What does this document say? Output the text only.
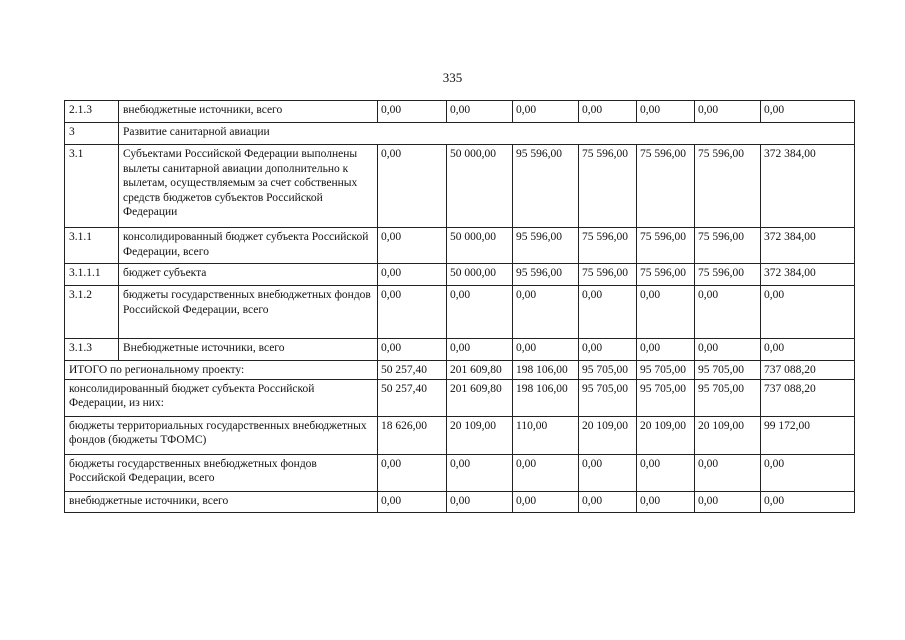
335
2.1.3	внебюджетные источники, всего	0,00	0,00	0,00	0,00	0,00	0,00	0,00
3	Развитие санитарной авиации							
3.1	Субъектами Российской Федерации выполнены вылеты санитарной авиации дополнительно к вылетам, осуществляемым за счет собственных средств бюджетов субъектов Российской Федерации	0,00	50 000,00	95 596,00	75 596,00	75 596,00	75 596,00	372 384,00
3.1.1	консолидированный бюджет субъекта Российской Федерации, всего	0,00	50 000,00	95 596,00	75 596,00	75 596,00	75 596,00	372 384,00
3.1.1.1	бюджет субъекта	0,00	50 000,00	95 596,00	75 596,00	75 596,00	75 596,00	372 384,00
3.1.2	бюджеты государственных внебюджетных фондов Российской Федерации, всего	0,00	0,00	0,00	0,00	0,00	0,00	0,00
3.1.3	Внебюджетные источники, всего	0,00	0,00	0,00	0,00	0,00	0,00	0,00
ИТОГО по региональному проекту:		50 257,40	201 609,80	198 106,00	95 705,00	95 705,00	95 705,00	737 088,20
консолидированный бюджет субъекта Российской Федерации, из них:		50 257,40	201 609,80	198 106,00	95 705,00	95 705,00	95 705,00	737 088,20
бюджеты территориальных государственных внебюджетных фондов (бюджеты ТФОМС)		18 626,00	20 109,00	110,00	20 109,00	20 109,00	20 109,00	99 172,00
бюджеты государственных внебюджетных фондов Российской Федерации, всего		0,00	0,00	0,00	0,00	0,00	0,00	0,00
внебюджетные источники, всего		0,00	0,00	0,00	0,00	0,00	0,00	0,00
